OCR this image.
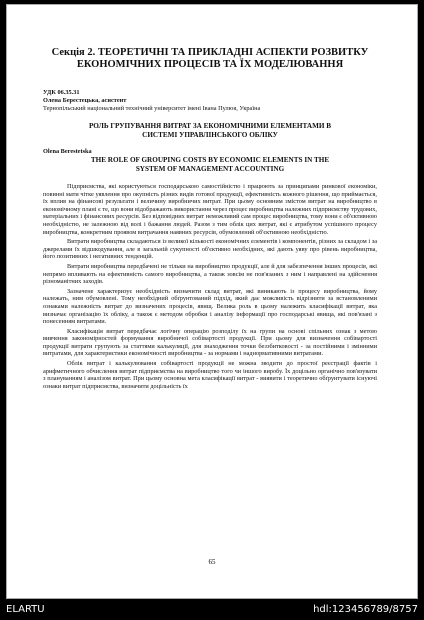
Секція 2. ТЕОРЕТИЧНІ ТА ПРИКЛАДНІ АСПЕКТИ РОЗВИТКУ
ЕКОНОМІЧНИХ ПРОЦЕСІВ ТА ЇХ МОДЕЛЮВАННЯ
УДК 06.35.31
Олена Берестецька, асистент
Тернопільський національний технічний університет імені Івана Пулюя, Україна
РОЛЬ ГРУПУВАННЯ ВИТРАТ ЗА ЕКОНОМІЧНИМИ ЕЛЕМЕНТАМИ В
СИСТЕМІ УПРАВЛІНСЬКОГО ОБЛІКУ
Olena Berestetska
THE ROLE OF GROUPING COSTS BY ECONOMIC ELEMENTS IN THE
SYSTEM OF MANAGEMENT ACCOUNTING

Підприємства, які користуються господарською самостійністю і працюють за принципами ринкової економіки, повинні мати чітке уявлення про окупність різних видів готової продукції, ефективність кожного рішення, що приймається, їх вплив на фінансові результати і величину виробничих витрат. При цьому основним змістом витрат на виробництво в економічному плані є те, що вони відображають використання через процес виробництва належних підприємству трудових, матеріальних і фінансових ресурсів. Без відповідних витрат неможливий сам процес виробництва, тому вони є об'єктивною необхідністю, не залежною від волі і бажання людей. Разом з тим облік цих витрат, які є атрибутом успішного процесу виробництва, конкретним проявом витрачання наявних ресурсів, обумовлений об'єктивною необхідністю.

Витрати виробництва складаються із великої кількості економічних елементів і компонентів, різних за складом і за джерелами їх відшкодування, але в загальній сукупності об'єктивно необхідних, які дають уяву про рівень виробництва, його позитивних і негативних тенденцій.

Витрати виробництва передбачені не тільки на виробництво продукції, але й для забезпечення інших процесів, які непрямо впливають на ефективність самого виробництва, а також зовсім не пов'язаних з ним і направлені на здійснення різноманітних заходів.

Зазначене характеризує необхідність визначити склад витрат, які виникають із процесу виробництва, йому належать, ним обумовлені. Тому необхідний обґрунтований підхід, який дає можливість відрізнити за встановленими ознаками належність витрат до визначених процесів, явищ. Велика роль в цьому належить класифікації витрат, яка визначає організацію їх обліку, а також є методом обробки і аналізу інформації про господарські явища, які пов'язані з понесенням витратами.

Класифікація витрат передбачає логічну операцію розподілу їх на групи на основі спільних ознак з метою вивчення закономірностей формування виробничої собівартості продукції. При цьому для визначення собівартості продукції витрати групують за статтями калькуляції, для знаходження точки беззбитковості - за постійними і змінними витратами, для характеристики економічності виробництва - за нормами і наднормативними витратами.

Облік витрат і калькулювання собівартості продукції не можна зводити до простої реєстрації фактів і арифметичного обчислення витрат підприємства на виробництво того чи іншого виробу. Їх доцільно органічно пов'язувати з плануванням і аналізом витрат. При цьому основна мета класифікації витрат - виявити і теоретично обґрунтувати існуючі ознаки витрат підприємства, визначити доцільність їх

65
ELARTU	hdl:123456789/8757
